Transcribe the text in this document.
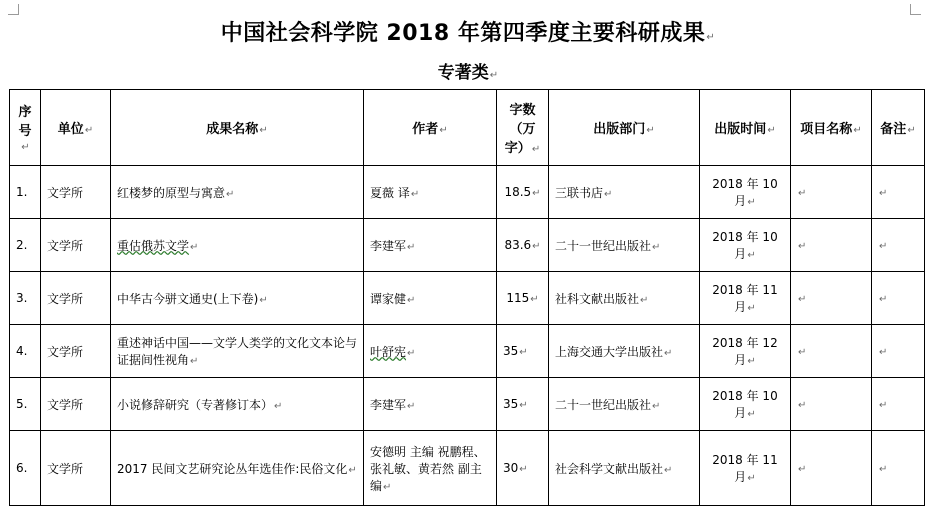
中国社会科学院 2018 年第四季度主要科研成果↵
专著类↵
序号↵	单位↵	成果名称↵	作者↵	字数（万字）↵	出版部门↵	出版时间↵	项目名称↵	备注↵
1.	文学所	红楼梦的原型与寓意↵	夏薇 译↵	18.5↵	三联书店↵	2018 年 10 月↵	↵	↵
2.	文学所	重估俄苏文学↵	李建军↵	83.6↵	二十一世纪出版社↵	2018 年 10 月↵	↵	↵
3.	文学所	中华古今骈文通史(上下卷)↵	谭家健↵	115↵	社科文献出版社↵	2018 年 11 月↵	↵	↵
4.	文学所	重述神话中国——文学人类学的文化文本论与证据间性视角↵	叶舒宪↵	35↵	上海交通大学出版社↵	2018 年 12 月↵	↵	↵
5.	文学所	小说修辞研究（专著修订本）↵	李建军↵	35↵	二十一世纪出版社↵	2018 年 10 月↵	↵	↵
6.	文学所	2017 民间文艺研究论丛年选佳作:民俗文化↵	安德明 主编 祝鹏程、张礼敏、黄若然 副主编↵	30↵	社会科学文献出版社↵	2018 年 11 月↵	↵	↵
